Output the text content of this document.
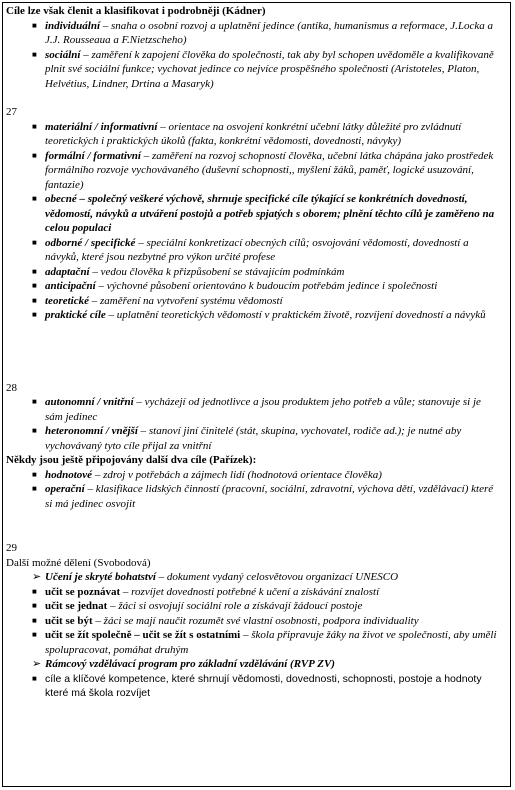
Cíle lze však členit a klasifikovat i podrobněji (Kádner)
■ individuální – snaha o osobní rozvoj a uplatnění jedince (antika, humanismus a reformace, J.Locka a J.J. Rousseaua a F.Nietzscheho)
■ sociální – zaměření k zapojení člověka do společnosti, tak aby byl schopen uvědoměle a kvalifikovaně plnit své sociální funkce; vychovat jedince co nejvíce prospěšného společnosti (Aristoteles, Platon, Helvétius, Lindner, Drtina a Masaryk)
27
■ materiální / informativní – orientace na osvojení konkrétní učební látky důležité pro zvládnutí teoretických i praktických úkolů (fakta, konkrétní vědomosti, dovednosti, návyky)
■ formální / formativní – zaměření na rozvoj schopností člověka, učební látka chápána jako prostředek formálního rozvoje vychovávaného (duševní schopnosti,, myšlení žáků, paměť, logické usuzování, fantazie)
■ obecné – společný veškeré výchově, shrnuje specifické cíle týkající se konkrétních dovedností, vědomostí, návyků a utváření postojů a potřeb spjatých s oborem; plnění těchto cílů je zaměřeno na celou populaci
■ odborné / specifické – speciální konkretizací obecných cílů; osvojování vědomostí, dovedností a návyků, které jsou nezbytné pro výkon určité profese
■ adaptační – vedou člověka k přizpůsobení se stávajícím podmínkám
■ anticipační – výchovné působení orientováno k budoucím potřebám jedince i společnosti
■ teoretické – zaměření na vytvoření systému vědomostí
■ praktické cíle – uplatnění teoretických vědomostí v praktickém životě, rozvíjení dovedností a návyků
28
■ autonomní / vnitřní – vycházejí od jednotlivce a jsou produktem jeho potřeb a vůle; stanovuje si je sám jedinec
■ heteronomní / vnější – stanoví jiní činitelé (stát, skupina, vychovatel, rodiče ad.); je nutné aby vychovávaný tyto cíle přijal za vnitřní
Někdy jsou ještě připojovány další dva cíle (Pařízek):
■ hodnotové – zdroj v potřebách a zájmech lidí (hodnotová orientace člověka)
■ operační – klasifikace lidských činností (pracovní, sociální, zdravotní, výchova dětí, vzdělávací) které si má jedinec osvojit
29
Další možné dělení (Svobodová)
➢ Učení je skryté bohatství – dokument vydaný celosvětovou organizací UNESCO
■ učit se poznávat – rozvíjet dovednosti potřebné k učení a získávání znalostí
■ učit se jednat – žáci si osvojují sociální role a získávají žádoucí postoje
■ učit se být – žáci se mají naučit rozumět své vlastní osobnosti, podpora individuality
■ učit se žít společně – učit se žít s ostatními – škola připravuje žáky na život ve společnosti, aby uměli spolupracovat, pomáhat druhým
➢ Rámcový vzdělávací program pro základní vzdělávání (RVP ZV)
■ cíle a klíčové kompetence, které shrnují vědomosti, dovednosti, schopnosti, postoje a hodnoty které má škola rozvíjet
